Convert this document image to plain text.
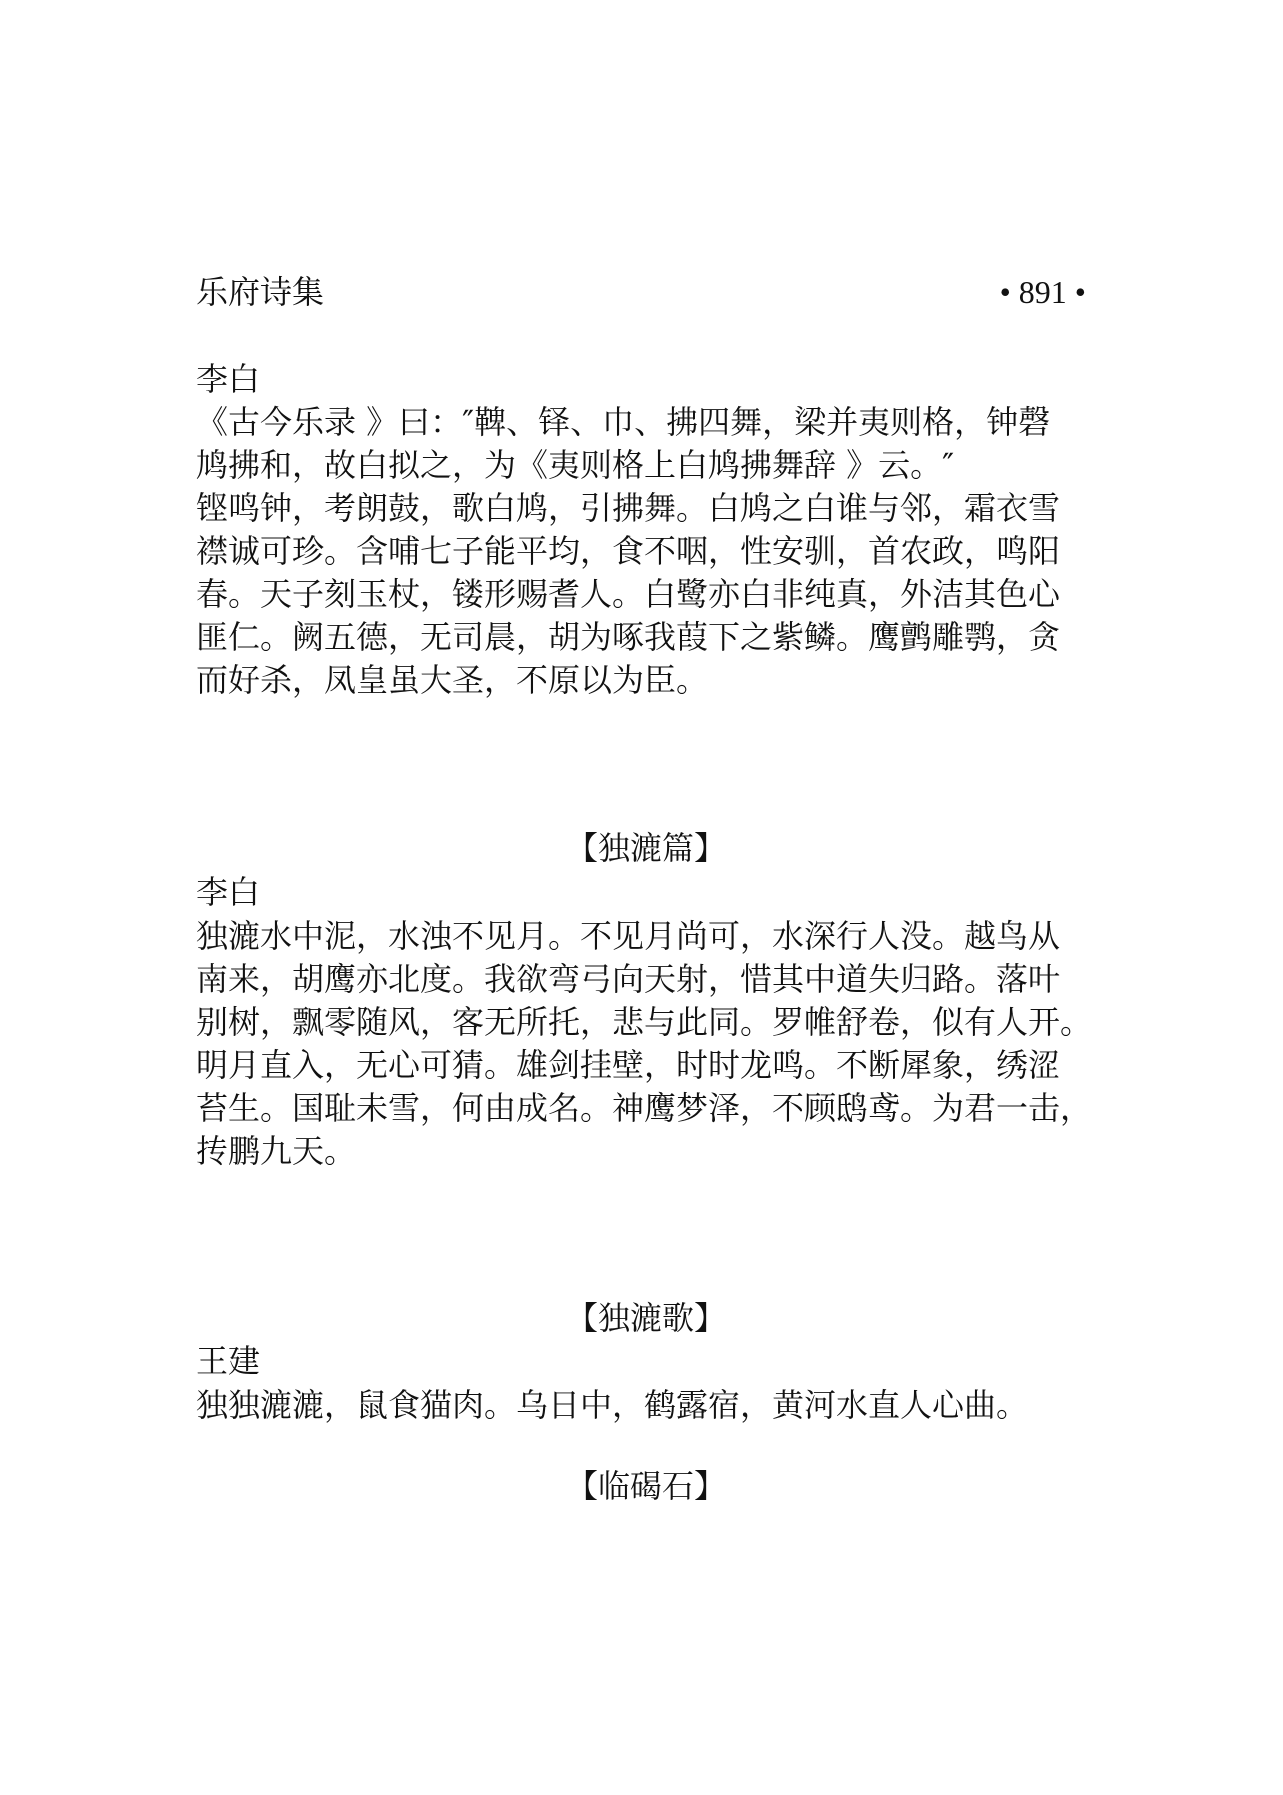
乐府诗集	• 891 •

李白

《古今乐录 》曰：″鞞、铎、巾、拂四舞，梁并夷则格，钟磬
鸠拂和，故白拟之，为《夷则格上白鸠拂舞辞 》云。″

铿鸣钟，考朗鼓，歌白鸠，引拂舞。白鸠之白谁与邻，霜衣雪
襟诚可珍。含哺七子能平均，食不咽，性安驯，首农政，鸣阳
春。天子刻玉杖，镂形赐耆人。白鹭亦白非纯真，外洁其色心
匪仁。阙五德，无司晨，胡为啄我葭下之紫鳞。鹰鹯雕鹗，贪
而好杀，凤皇虽大圣，不原以为臣。

【独漉篇】

李白

独漉水中泥，水浊不见月。不见月尚可，水深行人没。越鸟从
南来，胡鹰亦北度。我欲弯弓向天射，惜其中道失归路。落叶
别树，飘零随风，客无所托，悲与此同。罗帷舒卷，似有人开。
明月直入，无心可猜。雄剑挂壁，时时龙鸣。不断犀象，绣涩
苔生。国耻未雪，何由成名。神鹰梦泽，不顾鸱鸢。为君一击，
抟鹏九天。

【独漉歌】

王建

独独漉漉，鼠食猫肉。乌日中，鹤露宿，黄河水直人心曲。

【临碣石】
